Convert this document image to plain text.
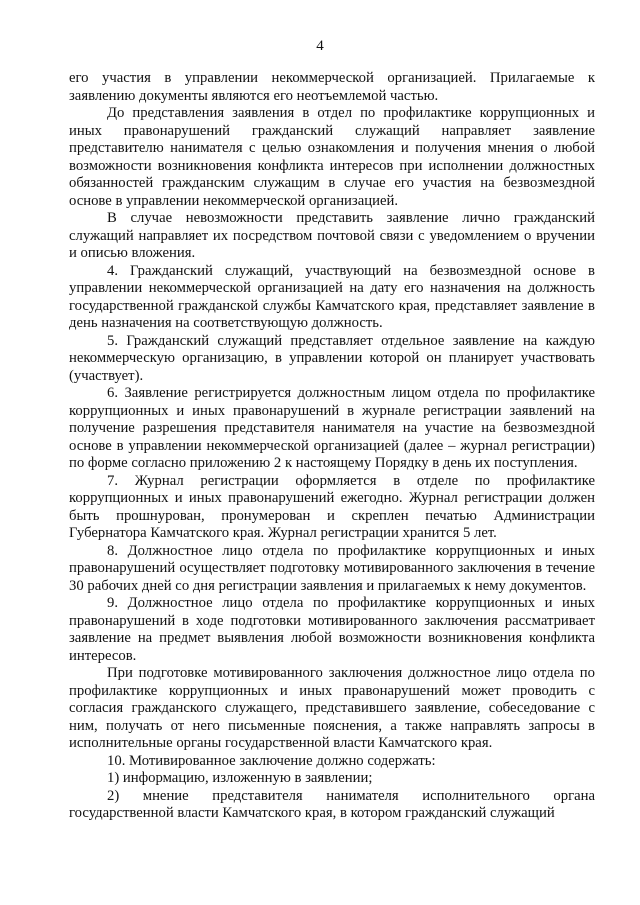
4

его участия в управлении некоммерческой организацией. Прилагаемые к заявлению документы являются его неотъемлемой частью.

До представления заявления в отдел по профилактике коррупционных и иных правонарушений гражданский служащий направляет заявление представителю нанимателя с целью ознакомления и получения мнения о любой возможности возникновения конфликта интересов при исполнении должностных обязанностей гражданским служащим в случае его участия на безвозмездной основе в управлении некоммерческой организацией.

В случае невозможности представить заявление лично гражданский служащий направляет их посредством почтовой связи с уведомлением о вручении и описью вложения.

4. Гражданский служащий, участвующий на безвозмездной основе в управлении некоммерческой организацией на дату его назначения на должность государственной гражданской службы Камчатского края, представляет заявление в день назначения на соответствующую должность.

5. Гражданский служащий представляет отдельное заявление на каждую некоммерческую организацию, в управлении которой он планирует участвовать (участвует).

6. Заявление регистрируется должностным лицом отдела по профилактике коррупционных и иных правонарушений в журнале регистрации заявлений на получение разрешения представителя нанимателя на участие на безвозмездной основе в управлении некоммерческой организацией (далее – журнал регистрации) по форме согласно приложению 2 к настоящему Порядку в день их поступления.

7. Журнал регистрации оформляется в отделе по профилактике коррупционных и иных правонарушений ежегодно. Журнал регистрации должен быть прошнурован, пронумерован и скреплен печатью Администрации Губернатора Камчатского края. Журнал регистрации хранится 5 лет.

8. Должностное лицо отдела по профилактике коррупционных и иных правонарушений осуществляет подготовку мотивированного заключения в течение 30 рабочих дней со дня регистрации заявления и прилагаемых к нему документов.

9. Должностное лицо отдела по профилактике коррупционных и иных правонарушений в ходе подготовки мотивированного заключения рассматривает заявление на предмет выявления любой возможности возникновения конфликта интересов.

При подготовке мотивированного заключения должностное лицо отдела по профилактике коррупционных и иных правонарушений может проводить с согласия гражданского служащего, представившего заявление, собеседование с ним, получать от него письменные пояснения, а также направлять запросы в исполнительные органы государственной власти Камчатского края.

10. Мотивированное заключение должно содержать:

1) информацию, изложенную в заявлении;

2) мнение представителя нанимателя исполнительного органа государственной власти Камчатского края, в котором гражданский служащий
